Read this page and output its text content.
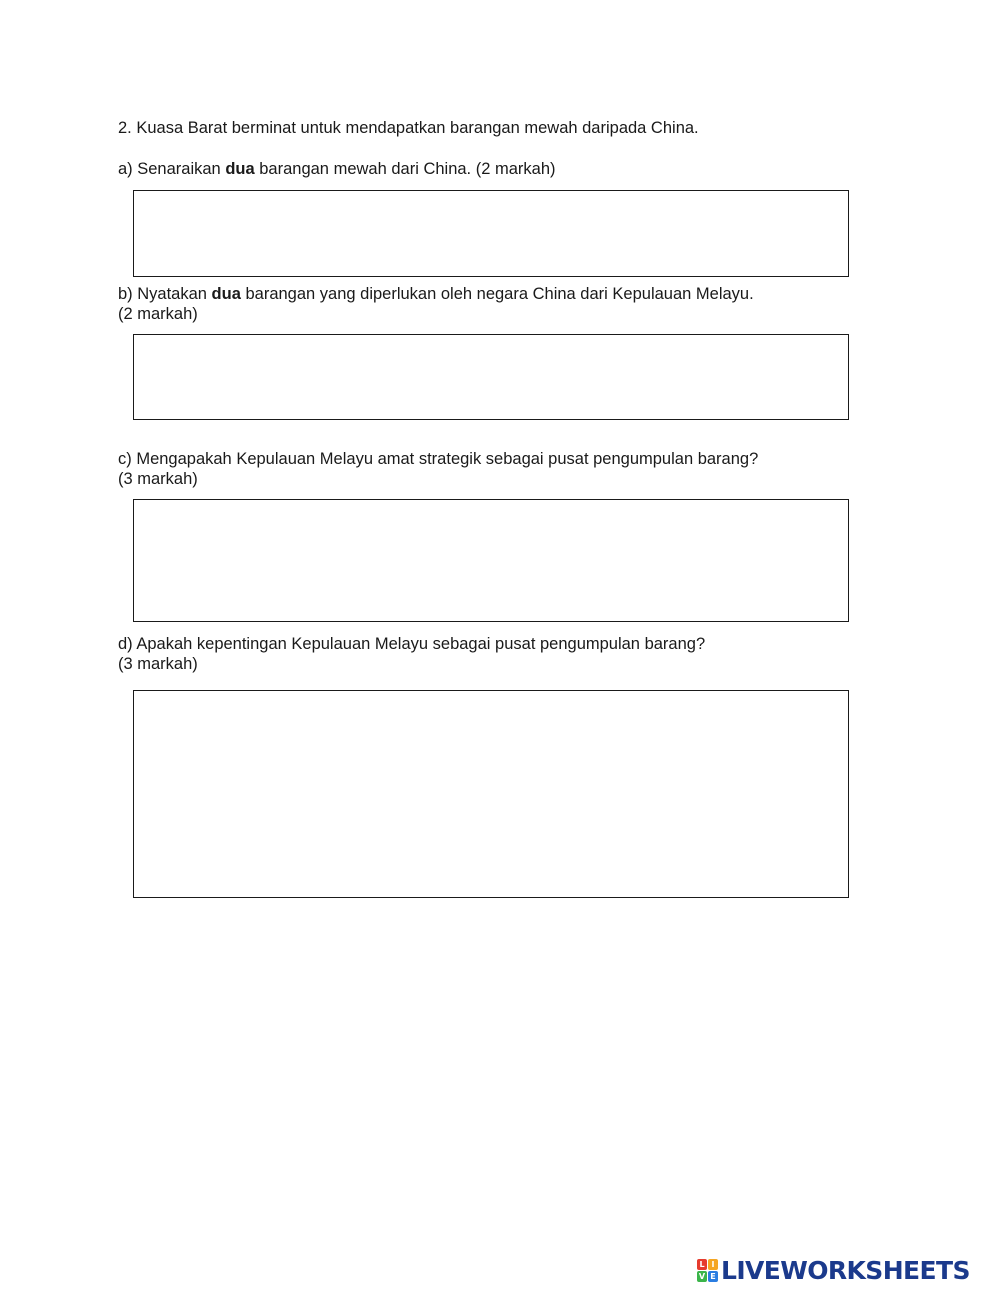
2. Kuasa Barat berminat untuk mendapatkan barangan mewah daripada China.
a) Senaraikan dua barangan mewah dari China. (2 markah)
b) Nyatakan dua barangan yang diperlukan oleh negara China dari Kepulauan Melayu.
(2 markah)
c) Mengapakah Kepulauan Melayu amat strategik sebagai pusat pengumpulan barang?
(3 markah)
d) Apakah kepentingan Kepulauan Melayu sebagai pusat pengumpulan barang?
(3 markah)
L I
V E LIVEWORKSHEETS
